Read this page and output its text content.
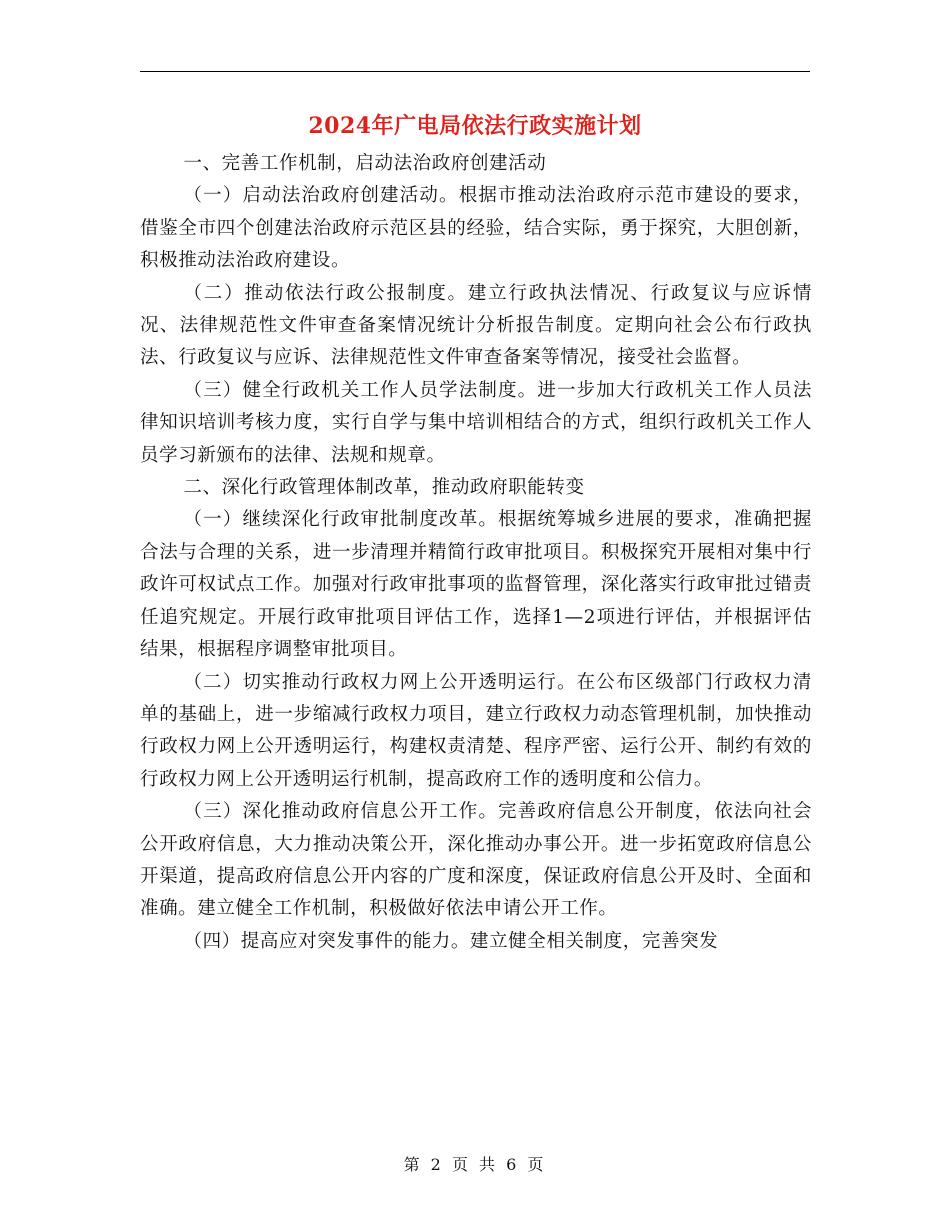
2024年广电局依法行政实施计划

一、完善工作机制，启动法治政府创建活动

（一）启动法治政府创建活动。根据市推动法治政府示范市建设的要求，借鉴全市四个创建法治政府示范区县的经验，结合实际，勇于探究，大胆创新，积极推动法治政府建设。

（二）推动依法行政公报制度。建立行政执法情况、行政复议与应诉情况、法律规范性文件审查备案情况统计分析报告制度。定期向社会公布行政执法、行政复议与应诉、法律规范性文件审查备案等情况，接受社会监督。

（三）健全行政机关工作人员学法制度。进一步加大行政机关工作人员法律知识培训考核力度，实行自学与集中培训相结合的方式，组织行政机关工作人员学习新颁布的法律、法规和规章。

二、深化行政管理体制改革，推动政府职能转变

（一）继续深化行政审批制度改革。根据统筹城乡进展的要求，准确把握合法与合理的关系，进一步清理并精简行政审批项目。积极探究开展相对集中行政许可权试点工作。加强对行政审批事项的监督管理，深化落实行政审批过错责任追究规定。开展行政审批项目评估工作，选择1—2项进行评估，并根据评估结果，根据程序调整审批项目。

（二）切实推动行政权力网上公开透明运行。在公布区级部门行政权力清单的基础上，进一步缩减行政权力项目，建立行政权力动态管理机制，加快推动行政权力网上公开透明运行，构建权责清楚、程序严密、运行公开、制约有效的行政权力网上公开透明运行机制，提高政府工作的透明度和公信力。

（三）深化推动政府信息公开工作。完善政府信息公开制度，依法向社会公开政府信息，大力推动决策公开，深化推动办事公开。进一步拓宽政府信息公开渠道，提高政府信息公开内容的广度和深度，保证政府信息公开及时、全面和准确。建立健全工作机制，积极做好依法申请公开工作。

（四）提高应对突发事件的能力。建立健全相关制度，完善突发

第 2 页 共 6 页
